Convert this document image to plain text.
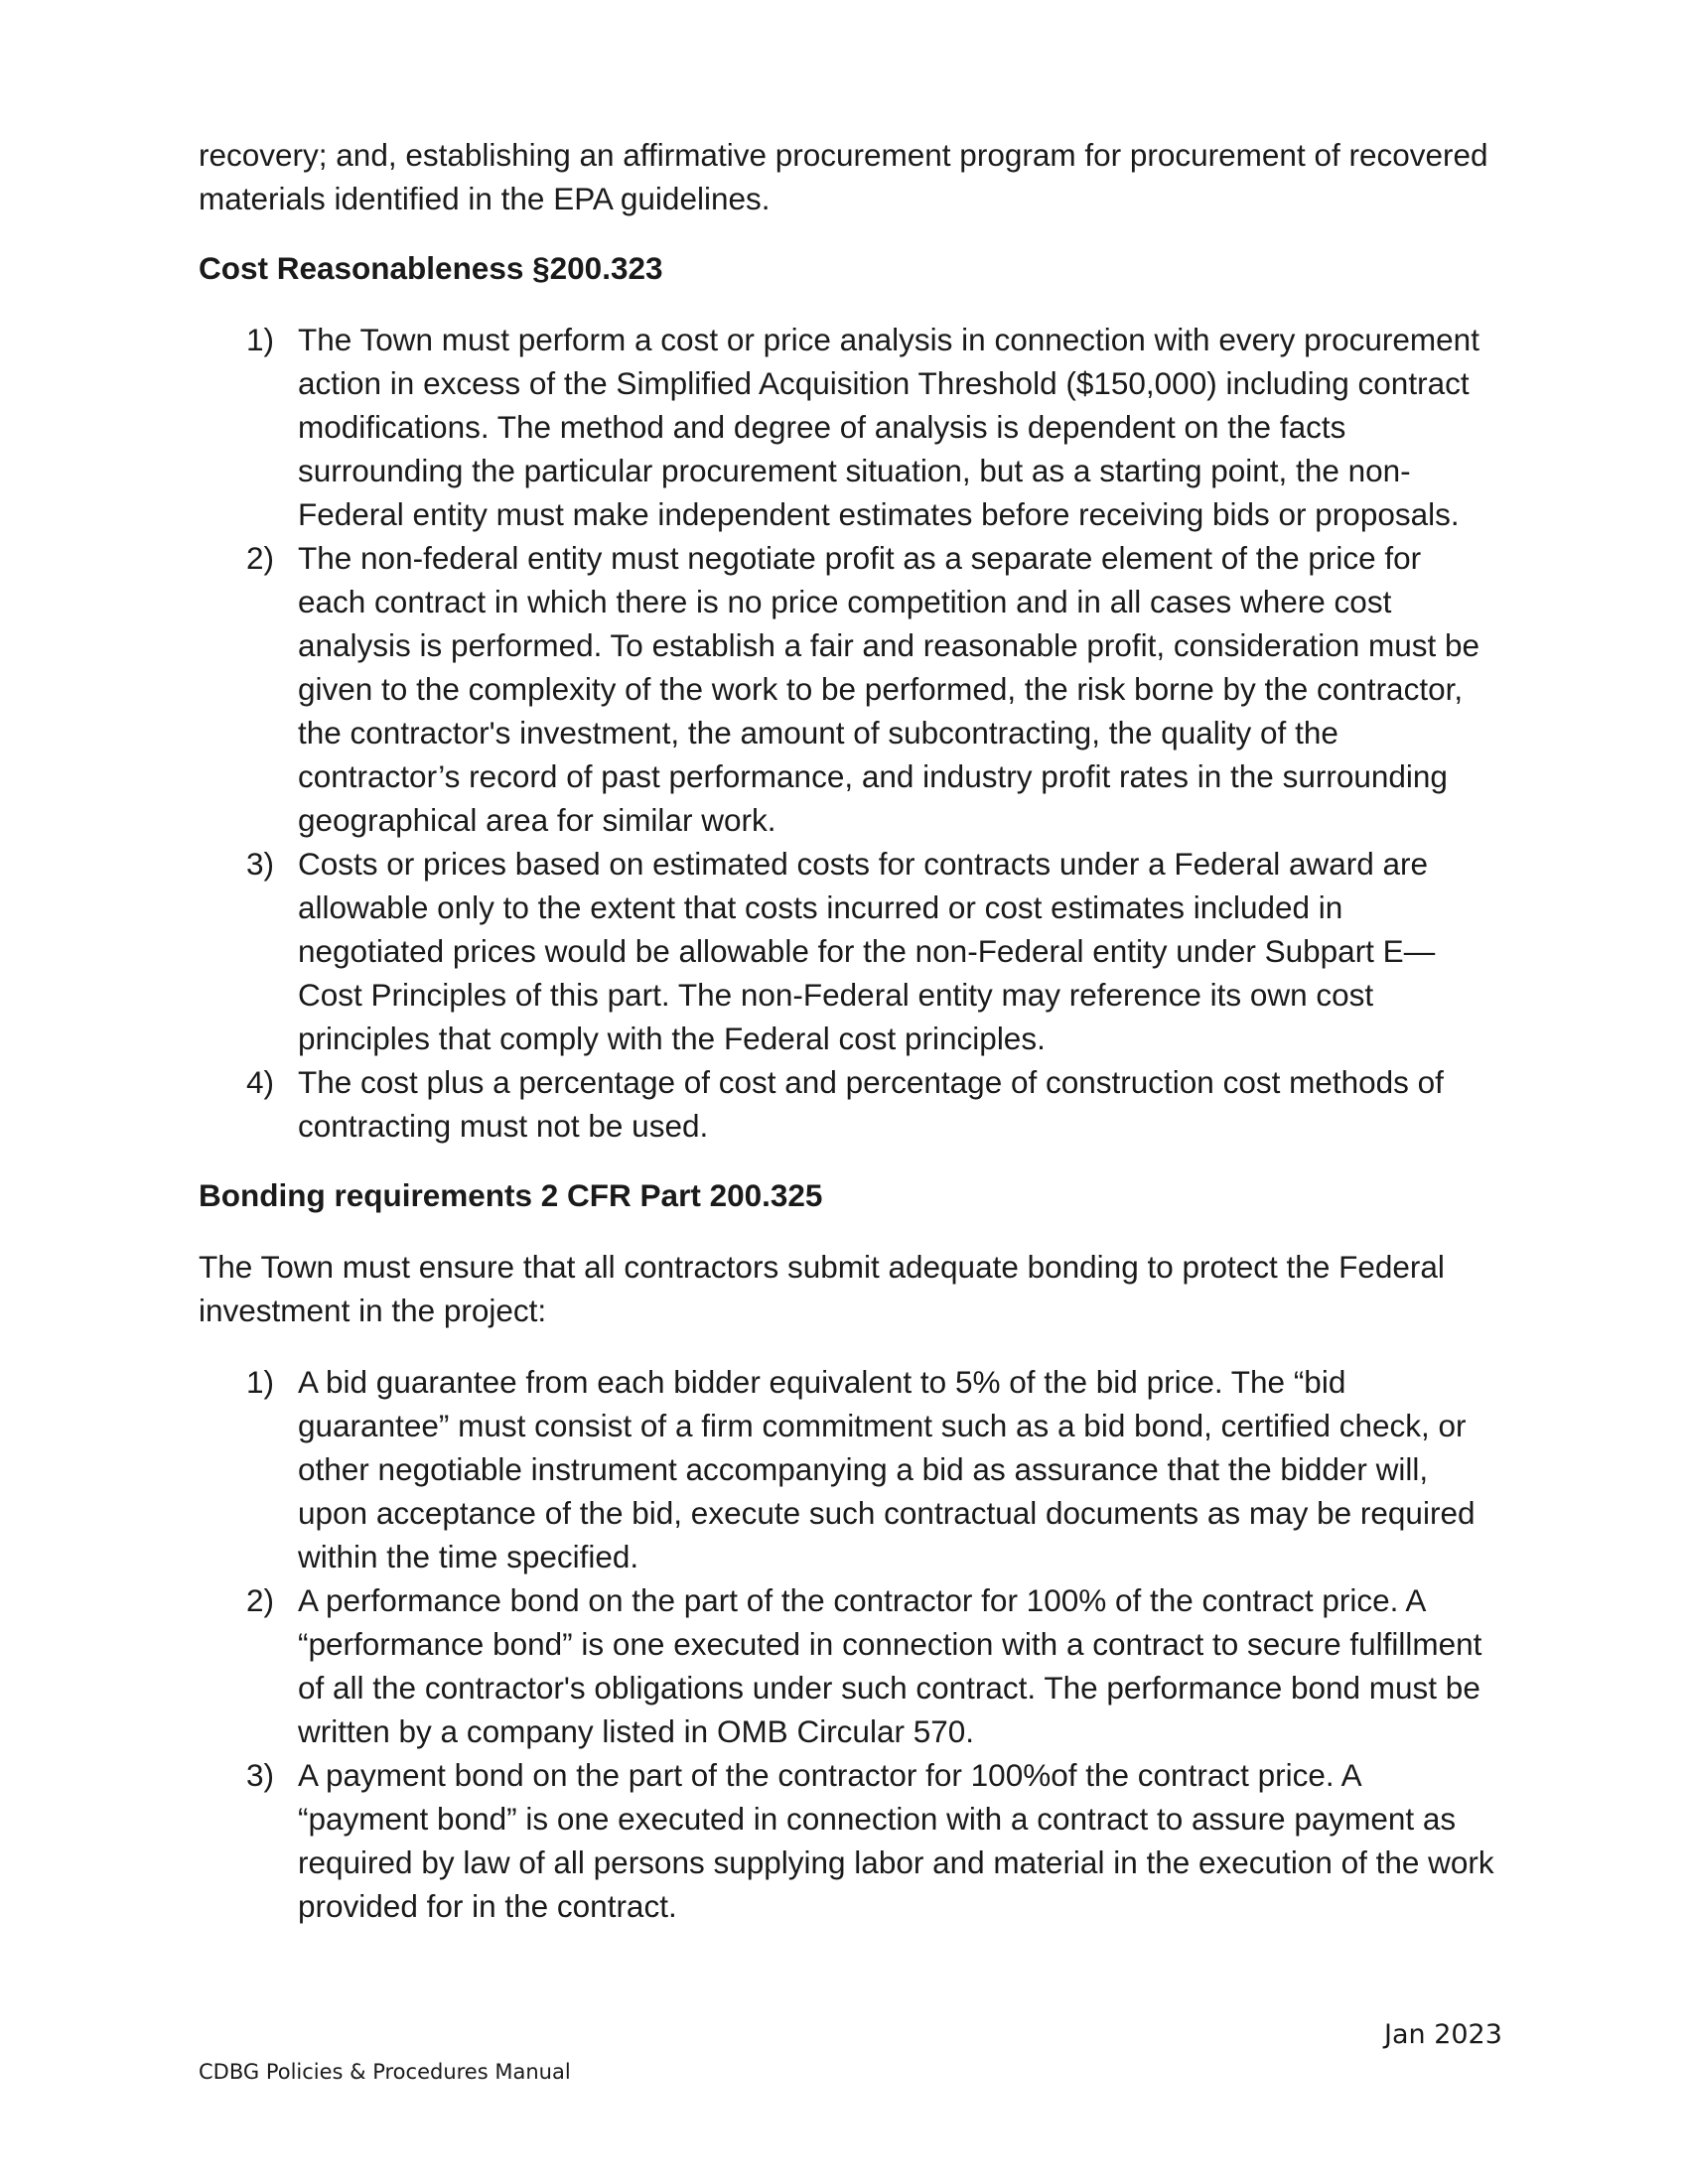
recovery; and, establishing an affirmative procurement program for procurement of recovered materials identified in the EPA guidelines.

Cost Reasonableness §200.323
1) The Town must perform a cost or price analysis in connection with every procurement action in excess of the Simplified Acquisition Threshold ($150,000) including contract modifications. The method and degree of analysis is dependent on the facts surrounding the particular procurement situation, but as a starting point, the non-Federal entity must make independent estimates before receiving bids or proposals.
2) The non-federal entity must negotiate profit as a separate element of the price for each contract in which there is no price competition and in all cases where cost analysis is performed. To establish a fair and reasonable profit, consideration must be given to the complexity of the work to be performed, the risk borne by the contractor, the contractor's investment, the amount of subcontracting, the quality of the contractor’s record of past performance, and industry profit rates in the surrounding geographical area for similar work.
3) Costs or prices based on estimated costs for contracts under a Federal award are allowable only to the extent that costs incurred or cost estimates included in negotiated prices would be allowable for the non-Federal entity under Subpart E—Cost Principles of this part. The non-Federal entity may reference its own cost principles that comply with the Federal cost principles.
4) The cost plus a percentage of cost and percentage of construction cost methods of contracting must not be used.
Bonding requirements 2 CFR Part 200.325

The Town must ensure that all contractors submit adequate bonding to protect the Federal investment in the project:

1) A bid guarantee from each bidder equivalent to 5% of the bid price. The “bid guarantee” must consist of a firm commitment such as a bid bond, certified check, or other negotiable instrument accompanying a bid as assurance that the bidder will, upon acceptance of the bid, execute such contractual documents as may be required within the time specified.
2) A performance bond on the part of the contractor for 100% of the contract price. A “performance bond” is one executed in connection with a contract to secure fulfillment of all the contractor's obligations under such contract. The performance bond must be written by a company listed in OMB Circular 570.
3) A payment bond on the part of the contractor for 100%of the contract price. A “payment bond” is one executed in connection with a contract to assure payment as required by law of all persons supplying labor and material in the execution of the work provided for in the contract.
Jan 2023
CDBG Policies & Procedures Manual
